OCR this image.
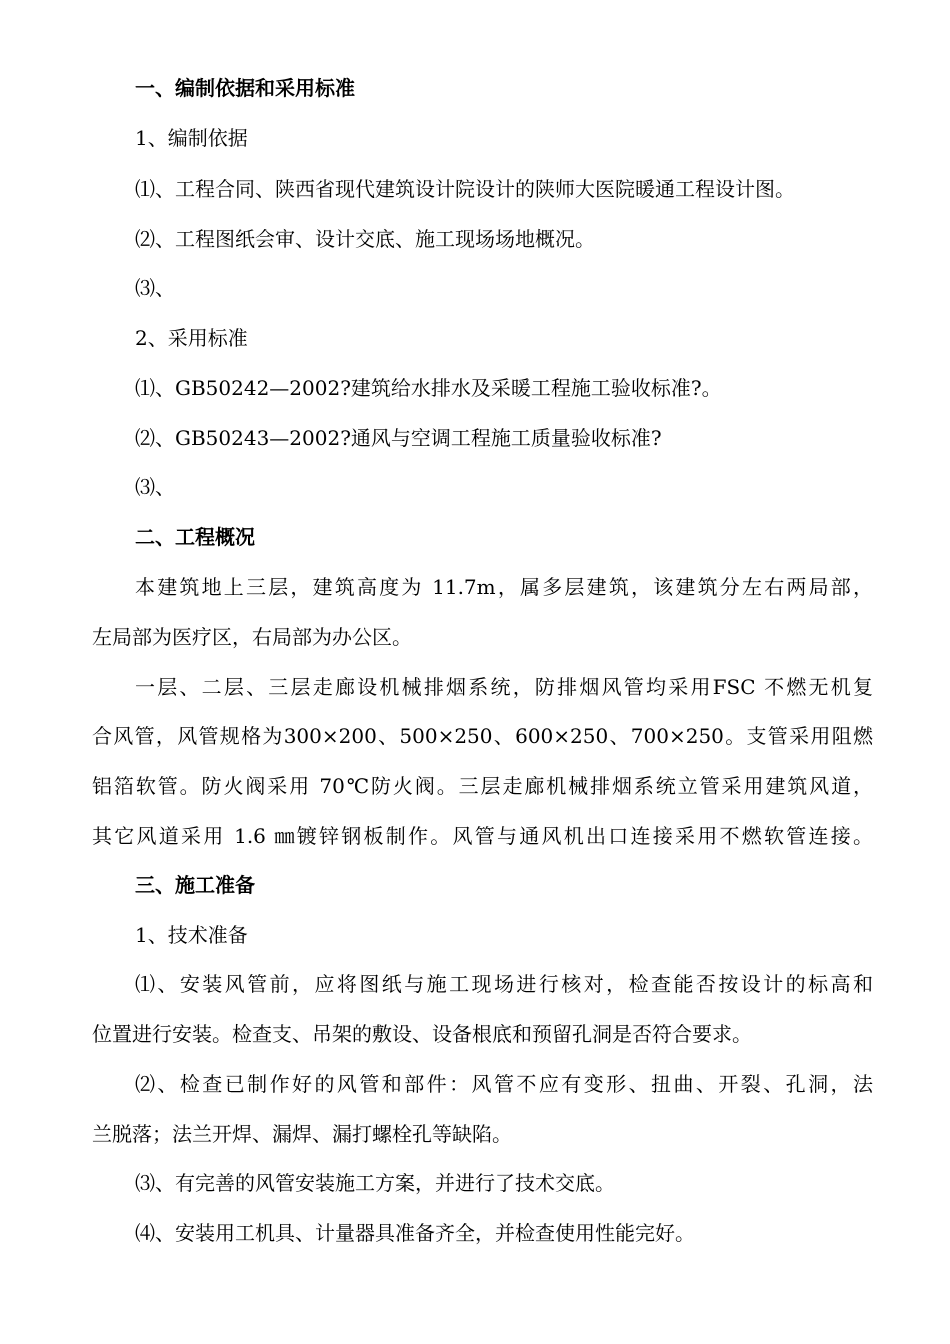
一、编制依据和采用标准
1、编制依据
⑴、工程合同、陕西省现代建筑设计院设计的陕师大医院暖通工程设计图。
⑵、工程图纸会审、设计交底、施工现场场地概况。
⑶、
2、采用标准
⑴、GB50242—2002?建筑给水排水及采暖工程施工验收标准?。
⑵、GB50243—2002?通风与空调工程施工质量验收标准?
⑶、
二、工程概况
本建筑地上三层，建筑高度为 11.7m，属多层建筑，该建筑分左右两局部，
左局部为医疗区，右局部为办公区。
一层、二层、三层走廊设机械排烟系统，防排烟风管均采用FSC 不燃无机复
合风管，风管规格为300×200、500×250、600×250、700×250。支管采用阻燃
铝箔软管。防火阀采用 70℃防火阀。三层走廊机械排烟系统立管采用建筑风道，
其它风道采用 1.6 ㎜镀锌钢板制作。风管与通风机出口连接采用不燃软管连接。
三、施工准备
1、技术准备
⑴、安装风管前，应将图纸与施工现场进行核对，检查能否按设计的标高和
位置进行安装。检查支、吊架的敷设、设备根底和预留孔洞是否符合要求。
⑵、检查已制作好的风管和部件：风管不应有变形、扭曲、开裂、孔洞，法
兰脱落；法兰开焊、漏焊、漏打螺栓孔等缺陷。
⑶、有完善的风管安装施工方案，并进行了技术交底。
⑷、安装用工机具、计量器具准备齐全，并检查使用性能完好。
